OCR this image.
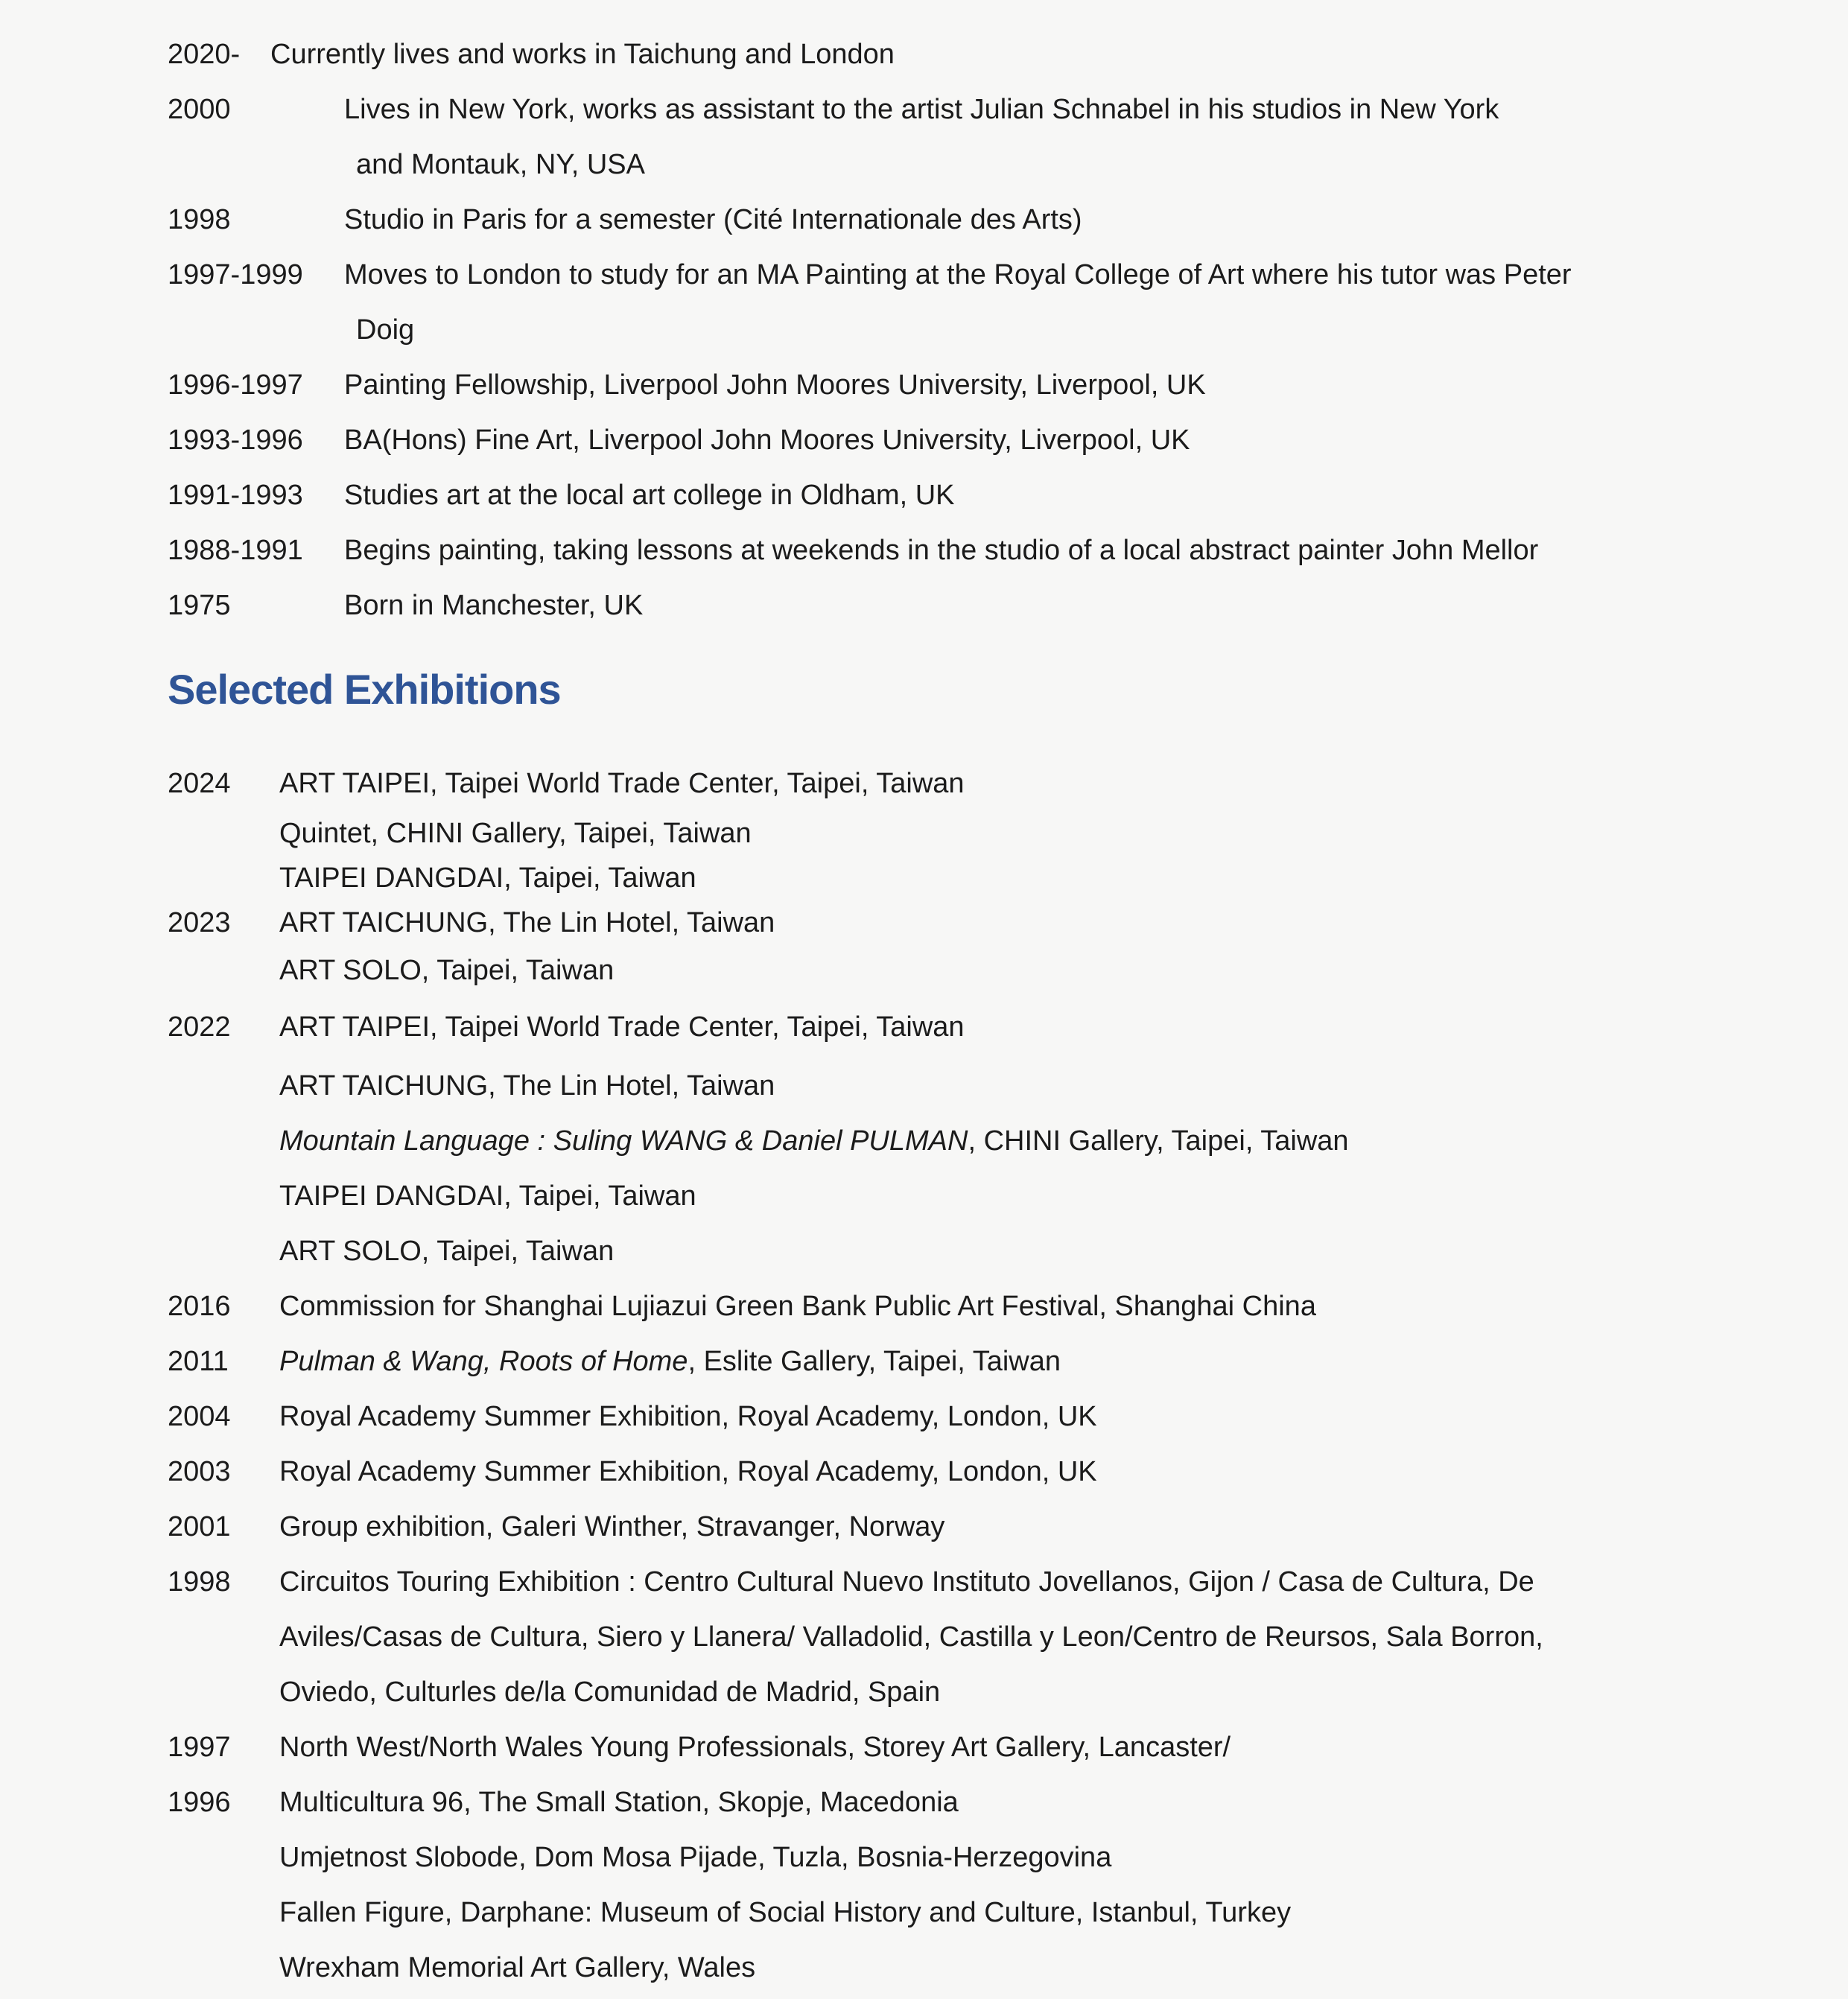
2020-	Currently lives and works in Taichung and London
2000	Lives in New York, works as assistant to the artist Julian Schnabel in his studios in New York
and Montauk, NY, USA
1998	Studio in Paris for a semester (Cité Internationale des Arts)
1997-1999	Moves to London to study for an MA Painting at the Royal College of Art where his tutor was Peter
Doig
1996-1997	Painting Fellowship, Liverpool John Moores University, Liverpool, UK
1993-1996	BA(Hons) Fine Art, Liverpool John Moores University, Liverpool, UK
1991-1993	Studies art at the local art college in Oldham, UK
1988-1991	Begins painting, taking lessons at weekends in the studio of a local abstract painter John Mellor
1975	Born in Manchester, UK
Selected Exhibitions
2024	ART TAIPEI, Taipei World Trade Center, Taipei, Taiwan
Quintet, CHINI Gallery, Taipei, Taiwan
TAIPEI DANGDAI, Taipei, Taiwan
2023	ART TAICHUNG, The Lin Hotel, Taiwan
ART SOLO, Taipei, Taiwan
2022	ART TAIPEI, Taipei World Trade Center, Taipei, Taiwan
ART TAICHUNG, The Lin Hotel, Taiwan
Mountain Language : Suling WANG & Daniel PULMAN, CHINI Gallery, Taipei, Taiwan
TAIPEI DANGDAI, Taipei, Taiwan
ART SOLO, Taipei, Taiwan
2016	Commission for Shanghai Lujiazui Green Bank Public Art Festival, Shanghai China
2011	Pulman & Wang, Roots of Home, Eslite Gallery, Taipei, Taiwan
2004	Royal Academy Summer Exhibition, Royal Academy, London, UK
2003	Royal Academy Summer Exhibition, Royal Academy, London, UK
2001	Group exhibition, Galeri Winther, Stravanger, Norway
1998	Circuitos Touring Exhibition : Centro Cultural Nuevo Instituto Jovellanos, Gijon / Casa de Cultura, De
Aviles/Casas de Cultura, Siero y Llanera/ Valladolid, Castilla y Leon/Centro de Reursos, Sala Borron,
Oviedo, Culturles de/la Comunidad de Madrid, Spain
1997	North West/North Wales Young Professionals, Storey Art Gallery, Lancaster/
1996	Multicultura 96, The Small Station, Skopje, Macedonia
Umjetnost Slobode, Dom Mosa Pijade, Tuzla, Bosnia-Herzegovina
Fallen Figure, Darphane: Museum of Social History and Culture, Istanbul, Turkey
Wrexham Memorial Art Gallery, Wales
